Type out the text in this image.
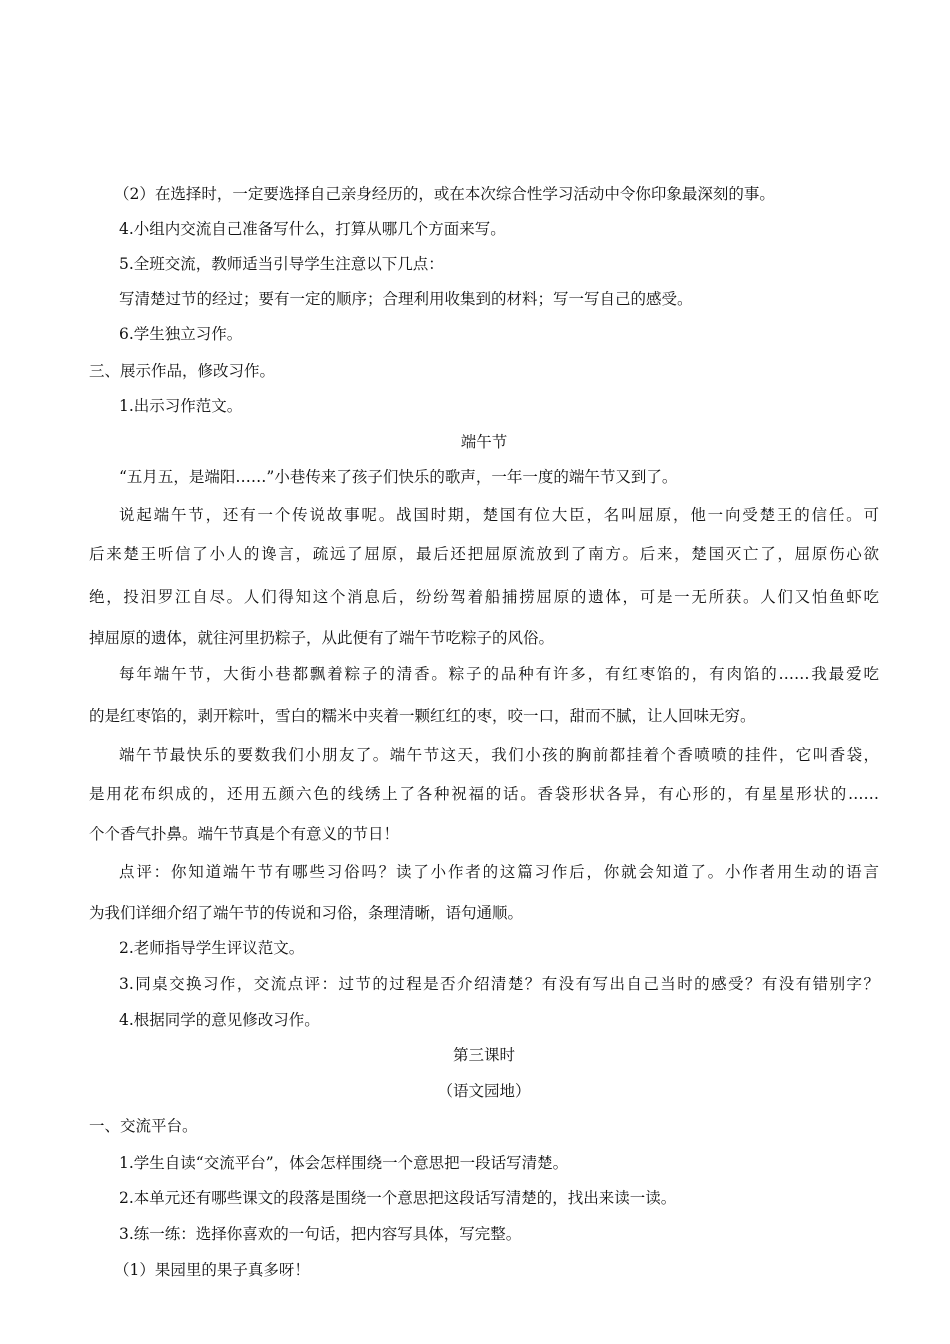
（2）在选择时，一定要选择自己亲身经历的，或在本次综合性学习活动中令你印象最深刻的事。
4.小组内交流自己准备写什么，打算从哪几个方面来写。
5.全班交流，教师适当引导学生注意以下几点：
写清楚过节的经过；要有一定的顺序；合理利用收集到的材料；写一写自己的感受。
6.学生独立习作。
三、展示作品，修改习作。
1.出示习作范文。
端午节
“五月五，是端阳……”小巷传来了孩子们快乐的歌声，一年一度的端午节又到了。
说起端午节，还有一个传说故事呢。战国时期，楚国有位大臣，名叫屈原，他一向受楚王的信任。可
后来楚王听信了小人的谗言，疏远了屈原，最后还把屈原流放到了南方。后来，楚国灭亡了，屈原伤心欲
绝，投汨罗江自尽。人们得知这个消息后，纷纷驾着船捕捞屈原的遗体，可是一无所获。人们又怕鱼虾吃
掉屈原的遗体，就往河里扔粽子，从此便有了端午节吃粽子的风俗。
每年端午节，大街小巷都飘着粽子的清香。粽子的品种有许多，有红枣馅的，有肉馅的……我最爱吃
的是红枣馅的，剥开粽叶，雪白的糯米中夹着一颗红红的枣，咬一口，甜而不腻，让人回味无穷。
端午节最快乐的要数我们小朋友了。端午节这天，我们小孩的胸前都挂着个香喷喷的挂件，它叫香袋，
是用花布织成的，还用五颜六色的线绣上了各种祝福的话。香袋形状各异，有心形的，有星星形状的……
个个香气扑鼻。端午节真是个有意义的节日！
点评：你知道端午节有哪些习俗吗？读了小作者的这篇习作后，你就会知道了。小作者用生动的语言
为我们详细介绍了端午节的传说和习俗，条理清晰，语句通顺。
2.老师指导学生评议范文。
3.同桌交换习作，交流点评：过节的过程是否介绍清楚？有没有写出自己当时的感受？有没有错别字？
4.根据同学的意见修改习作。
第三课时
（语文园地）
一、交流平台。
1.学生自读“交流平台”，体会怎样围绕一个意思把一段话写清楚。
2.本单元还有哪些课文的段落是围绕一个意思把这段话写清楚的，找出来读一读。
3.练一练：选择你喜欢的一句话，把内容写具体，写完整。
（1）果园里的果子真多呀！
